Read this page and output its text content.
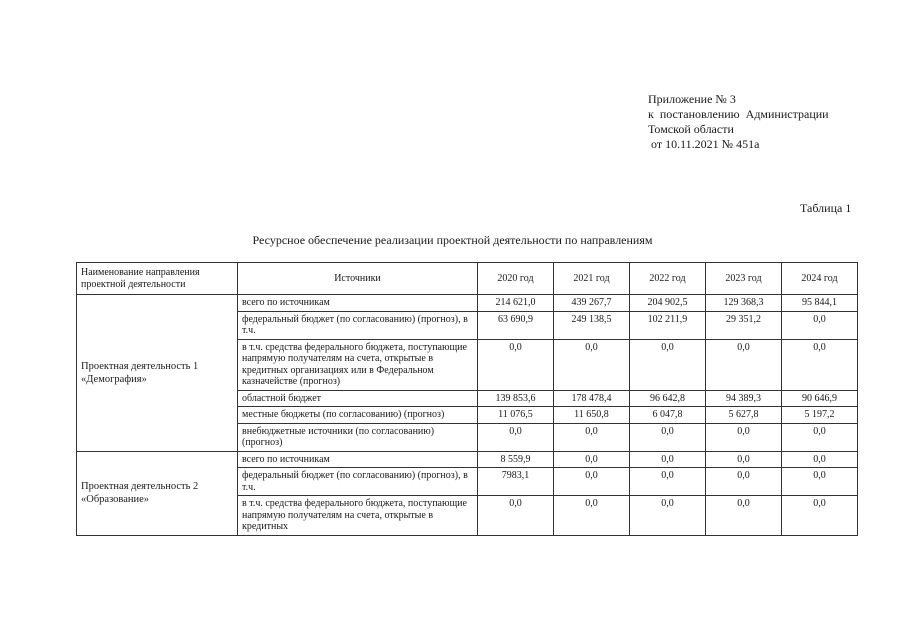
Приложение № 3
к  постановлению  Администрации
Томской области
от 10.11.2021 № 451а
Таблица 1
Ресурсное обеспечение реализации проектной деятельности по направлениям
Наименование направления проектной деятельности	Источники	2020 год	2021 год	2022 год	2023 год	2024 год
Проектная деятельность 1 «Демография»	всего по источникам	214 621,0	439 267,7	204 902,5	129 368,3	95 844,1
	федеральный бюджет (по согласованию) (прогноз), в т.ч.	63 690,9	249 138,5	102 211,9	29 351,2	0,0
	в т.ч. средства федерального бюджета, поступающие напрямую получателям на счета, открытые в кредитных организациях или в Федеральном казначействе (прогноз)	0,0	0,0	0,0	0,0	0,0
	областной бюджет	139 853,6	178 478,4	96 642,8	94 389,3	90 646,9
	местные бюджеты (по согласованию) (прогноз)	11 076,5	11 650,8	6 047,8	5 627,8	5 197,2
	внебюджетные источники (по согласованию) (прогноз)	0,0	0,0	0,0	0,0	0,0
Проектная деятельность 2 «Образование»	всего по источникам	8 559,9	0,0	0,0	0,0	0,0
	федеральный бюджет (по согласованию) (прогноз), в т.ч.	7983,1	0,0	0,0	0,0	0,0
	в т.ч. средства федерального бюджета, поступающие напрямую получателям на счета, открытые в кредитных	0,0	0,0	0,0	0,0	0,0
